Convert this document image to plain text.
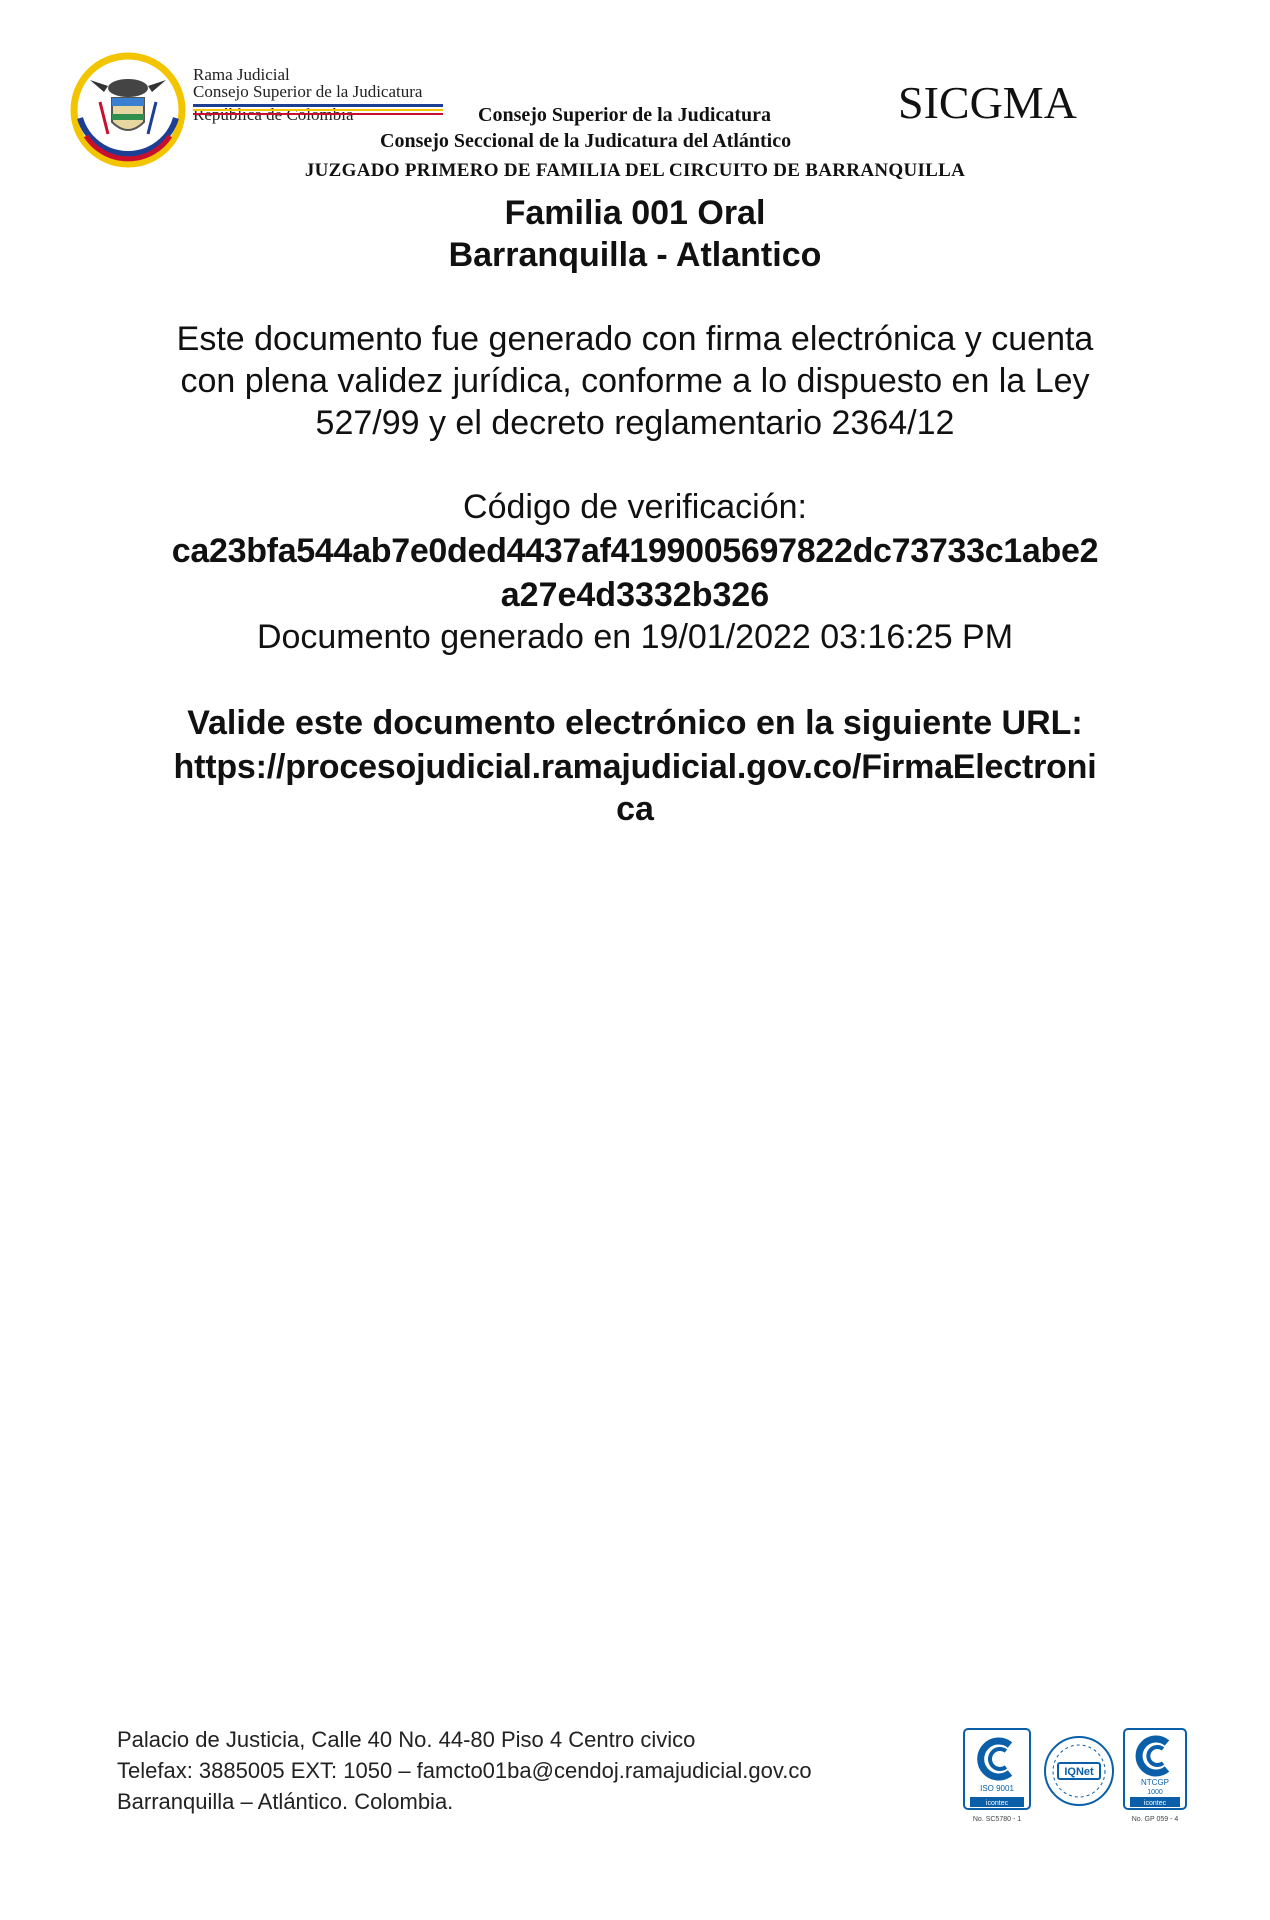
Rama Judicial
Consejo Superior de la Judicatura
Consejo Superior de la Judicatura
Consejo Seccional de la Judicatura del Atlántico
SICGMA
JUZGADO PRIMERO DE FAMILIA DEL CIRCUITO DE BARRANQUILLA
Familia 001 Oral
Barranquilla - Atlantico
Este documento fue generado con firma electrónica y cuenta
con plena validez jurídica, conforme a lo dispuesto en la Ley
527/99 y el decreto reglamentario 2364/12
Código de verificación:
ca23bfa544ab7e0ded4437af4199005697822dc73733c1abe2
a27e4d3332b326
Documento generado en 19/01/2022 03:16:25 PM
Valide este documento electrónico en la siguiente URL:
https://procesojudicial.ramajudicial.gov.co/FirmaElectroni
ca
Palacio de Justicia, Calle 40 No. 44-80 Piso 4 Centro civico
Telefax: 3885005 EXT: 1050 – famcto01ba@cendoj.ramajudicial.gov.co
Barranquilla – Atlántico. Colombia.
ISO 9001
icontec
No. SC5780 - 1
IQNet
NTCGP
1000
icontec
No. GP 059 - 4
